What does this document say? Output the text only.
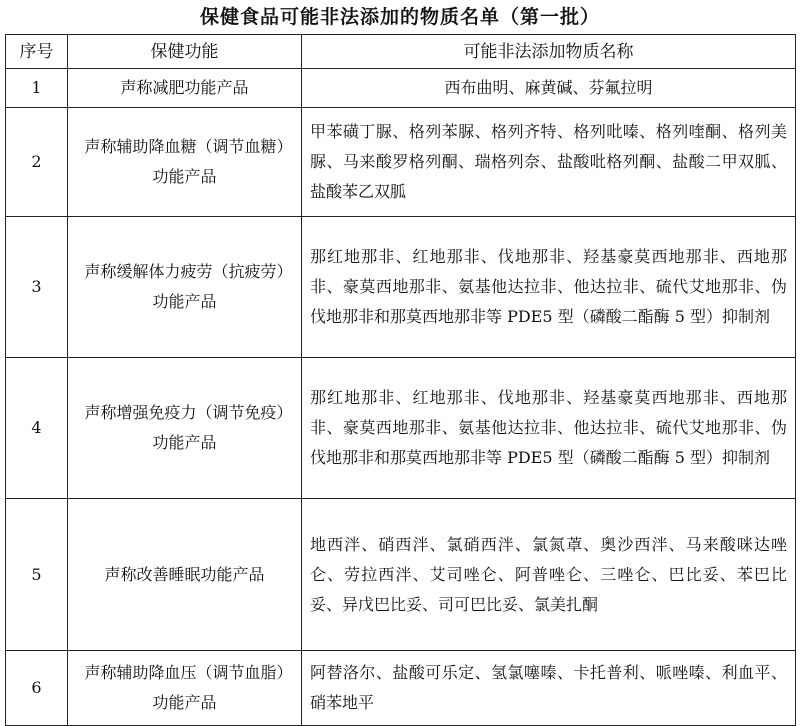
保健食品可能非法添加的物质名单（第一批）
序号	保健功能	可能非法添加物质名称
1	声称减肥功能产品	西布曲明、麻黄碱、芬氟拉明
2	声称辅助降血糖（调节血糖）功能产品	甲苯磺丁脲、格列苯脲、格列齐特、格列吡嗪、格列喹酮、格列美脲、马来酸罗格列酮、瑞格列奈、盐酸吡格列酮、盐酸二甲双胍、盐酸苯乙双胍
3	声称缓解体力疲劳（抗疲劳）功能产品	那红地那非、红地那非、伐地那非、羟基豪莫西地那非、西地那非、豪莫西地那非、氨基他达拉非、他达拉非、硫代艾地那非、伪伐地那非和那莫西地那非等 PDE5 型（磷酸二酯酶 5 型）抑制剂
4	声称增强免疫力（调节免疫）功能产品	那红地那非、红地那非、伐地那非、羟基豪莫西地那非、西地那非、豪莫西地那非、氨基他达拉非、他达拉非、硫代艾地那非、伪伐地那非和那莫西地那非等 PDE5 型（磷酸二酯酶 5 型）抑制剂
5	声称改善睡眠功能产品	地西泮、硝西泮、氯硝西泮、氯氮䓬、奥沙西泮、马来酸咪达唑仑、劳拉西泮、艾司唑仑、阿普唑仑、三唑仑、巴比妥、苯巴比妥、异戊巴比妥、司可巴比妥、氯美扎酮
6	声称辅助降血压（调节血脂）功能产品	阿替洛尔、盐酸可乐定、氢氯噻嗪、卡托普利、哌唑嗪、利血平、硝苯地平
